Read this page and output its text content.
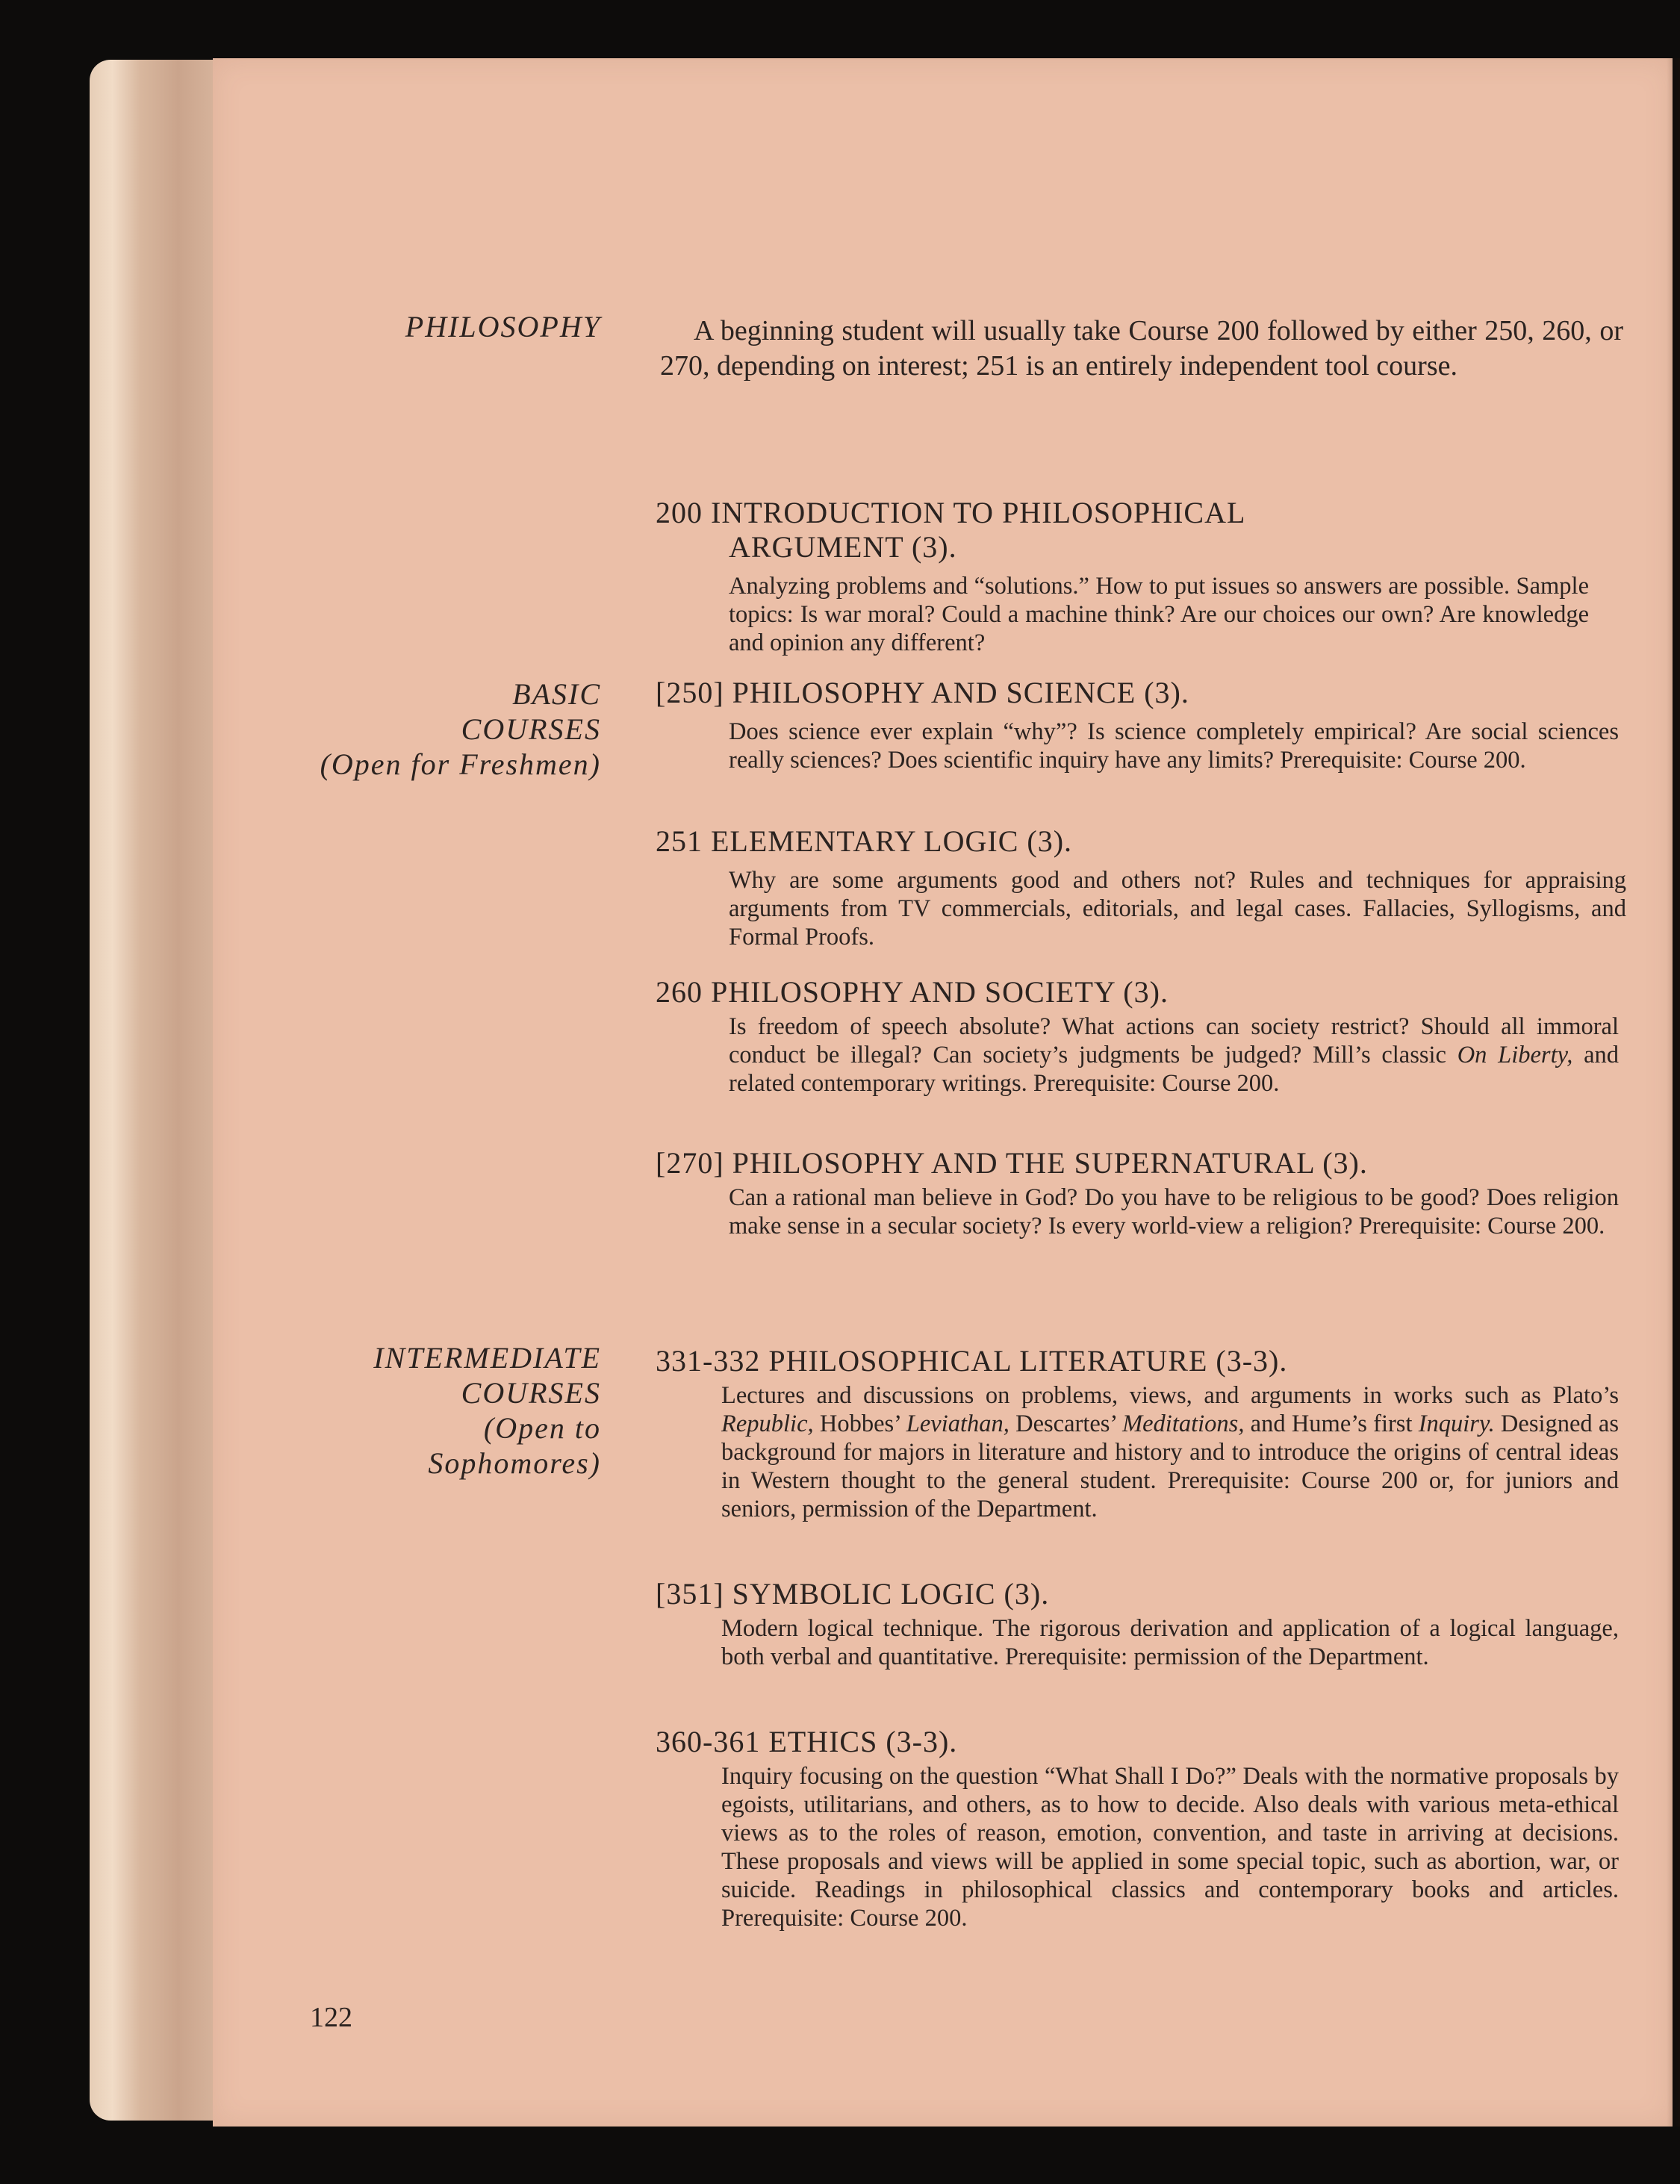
PHILOSOPHY
BASIC
COURSES
(Open for Freshmen)
INTERMEDIATE
COURSES
(Open to
Sophomores)

A beginning student will usually take Course 200 followed by either 250, 260, or 270, depending on interest; 251 is an entirely independent tool course.

200 INTRODUCTION TO PHILOSOPHICAL ARGUMENT (3).

Analyzing problems and “solutions.” How to put issues so answers are possible. Sample topics: Is war moral? Could a machine think? Are our choices our own? Are knowledge and opinion any different?

[250] PHILOSOPHY AND SCIENCE (3).

Does science ever explain “why”? Is science completely empirical? Are social sciences really sciences? Does scientific inquiry have any limits? Prerequisite: Course 200.

251 ELEMENTARY LOGIC (3).

Why are some arguments good and others not? Rules and techniques for appraising arguments from TV commercials, editorials, and legal cases. Fallacies, Syllogisms, and Formal Proofs.

260 PHILOSOPHY AND SOCIETY (3).

Is freedom of speech absolute? What actions can society restrict? Should all immoral conduct be illegal? Can society’s judgments be judged? Mill’s classic On Liberty, and related contemporary writings. Prerequisite: Course 200.

[270] PHILOSOPHY AND THE SUPERNATURAL (3).

Can a rational man believe in God? Do you have to be religious to be good? Does religion make sense in a secular society? Is every world-view a religion? Prerequisite: Course 200.

331-332 PHILOSOPHICAL LITERATURE (3-3).

Lectures and discussions on problems, views, and arguments in works such as Plato’s Republic, Hobbes’ Leviathan, Descartes’ Meditations, and Hume’s first Inquiry. Designed as background for majors in literature and history and to introduce the origins of central ideas in Western thought to the general student. Prerequisite: Course 200 or, for juniors and seniors, permission of the Department.

[351] SYMBOLIC LOGIC (3).

Modern logical technique. The rigorous derivation and application of a logical language, both verbal and quantitative. Prerequisite: permission of the Department.

360-361 ETHICS (3-3).

Inquiry focusing on the question “What Shall I Do?” Deals with the normative proposals by egoists, utilitarians, and others, as to how to decide. Also deals with various meta-ethical views as to the roles of reason, emotion, convention, and taste in arriving at decisions. These proposals and views will be applied in some special topic, such as abortion, war, or suicide. Readings in philosophical classics and contemporary books and articles. Prerequisite: Course 200.

122
